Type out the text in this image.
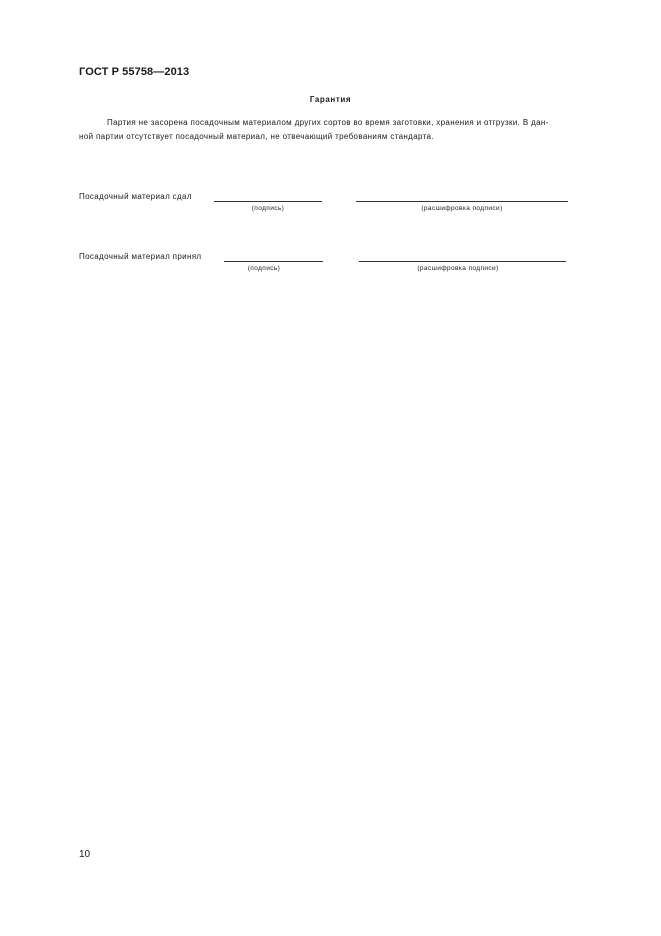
ГОСТ Р 55758—2013
Гарантия
Партия не засорена посадочным материалом других сортов во время заготовки, хранения и отгрузки. В дан-
ной партии отсутствует посадочный материал, не отвечающий требованиям стандарта.
Посадочный материал сдал
(подпись)	(расшифровка подписи)
Посадочный материал принял
(подпись)	(расшифровка подписи)
10
